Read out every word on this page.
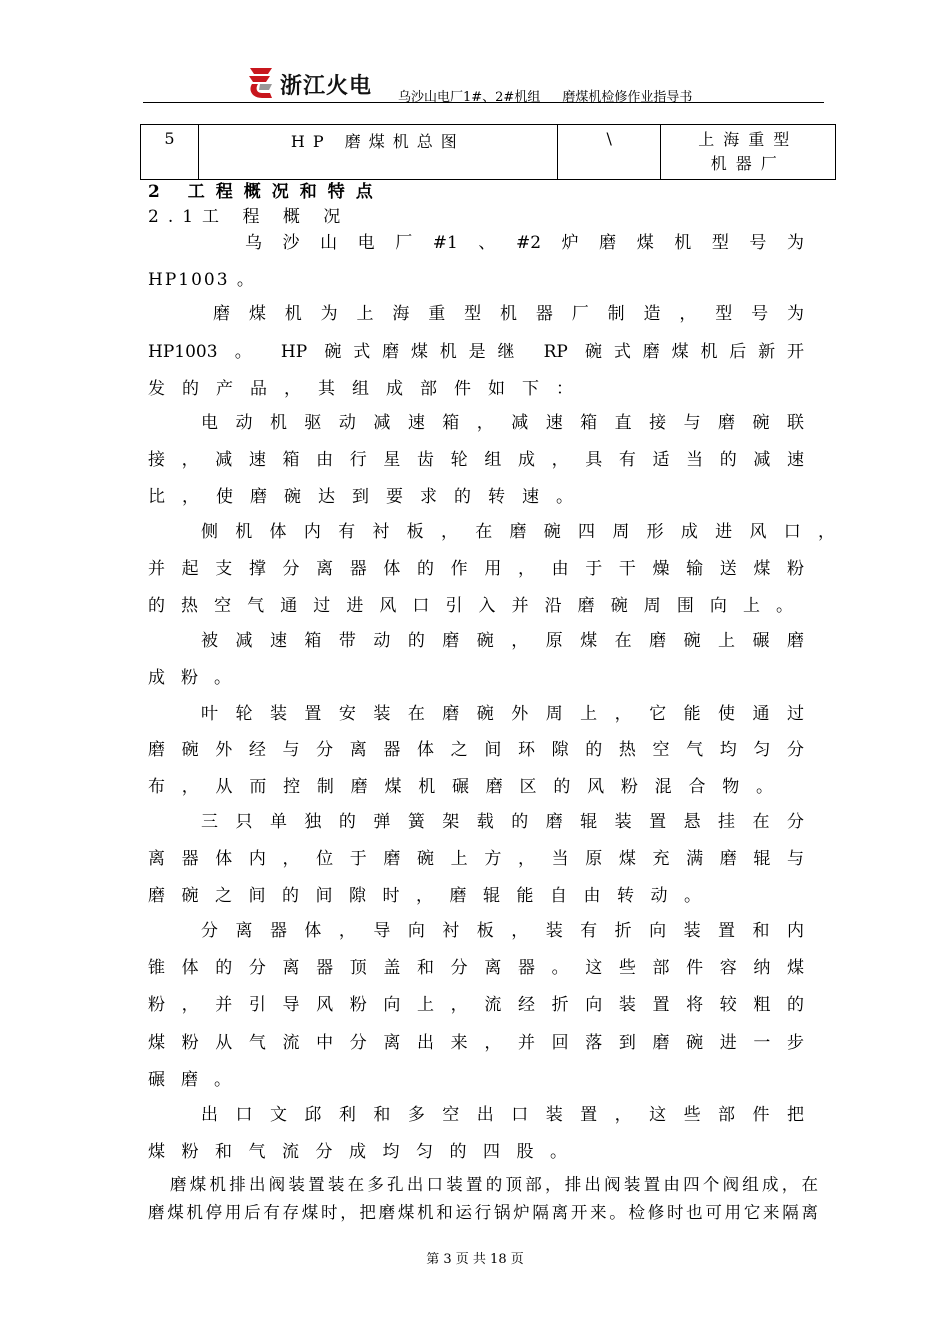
浙江火电 乌沙山电厂1#、2#机组 磨煤机检修作业指导书
5	HP 磨煤机总图	\	上海重型
机器厂
2 工程概况和特点
2.1工 程 概 况
乌沙山电厂#1、#2炉磨煤机型号为
HP1003 。
磨煤机为上海重型机器厂制造，型号为
HP1003 。 HP 碗式磨煤机是继 RP 碗式磨煤机后新开
发的产品，其组成部件如下：
电动机驱动减速箱，减速箱直接与磨碗联
接，减速箱由行星齿轮组成，具有适当的减速
比，使磨碗达到要求的转速。
侧机体内有衬板，在磨碗四周形成进风口，
并起支撑分离器体的作用，由于干燥输送煤粉
的热空气通过进风口引入并沿磨碗周围向上。
被减速箱带动的磨碗，原煤在磨碗上碾磨
成粉。
叶轮装置安装在磨碗外周上，它能使通过
磨碗外经与分离器体之间环隙的热空气均匀分
布，从而控制磨煤机碾磨区的风粉混合物。
三只单独的弹簧架载的磨辊装置悬挂在分
离器体内，位于磨碗上方，当原煤充满磨辊与
磨碗之间的间隙时，磨辊能自由转动。
分离器体，导向衬板，装有折向装置和内
锥体的分离器顶盖和分离器。这些部件容纳煤
粉，并引导风粉向上，流经折向装置将较粗的
煤粉从气流中分离出来，并回落到磨碗进一步
碾磨。
出口文邱利和多空出口装置，这些部件把
煤粉和气流分成均匀的四股。
磨煤机排出阀装置装在多孔出口装置的顶部，排出阀装置由四个阀组成，在
磨煤机停用后有存煤时，把磨煤机和运行锅炉隔离开来。检修时也可用它来隔离
第 3 页 共 18 页
